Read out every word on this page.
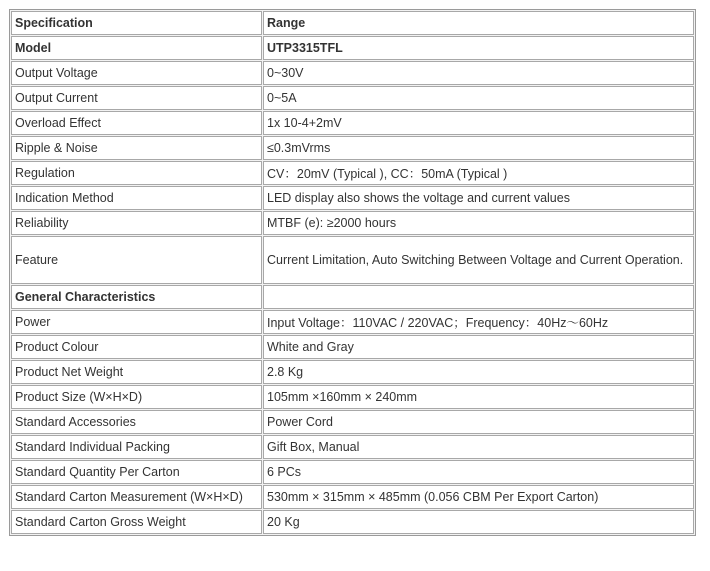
Specification	Range
Model	UTP3315TFL
Output Voltage	0~30V
Output Current	0~5A
Overload Effect	1x 10-4+2mV
Ripple & Noise	≤0.3mVrms
Regulation	CV：20mV (Typical ), CC：50mA (Typical )
Indication Method	LED display also shows the voltage and current values
Reliability	MTBF (e): ≥2000 hours
Feature	Current Limitation, Auto Switching Between Voltage and Current Operation.
General Characteristics	
Power	Input Voltage：110VAC / 220VAC；Frequency：40Hz～60Hz
Product Colour	White and Gray
Product Net Weight	2.8 Kg
Product Size (W×H×D)	105mm ×160mm × 240mm
Standard Accessories	Power Cord
Standard Individual Packing	Gift Box, Manual
Standard Quantity Per Carton	6 PCs
Standard Carton Measurement (W×H×D)	530mm × 315mm × 485mm (0.056 CBM Per Export Carton)
Standard Carton Gross Weight	20 Kg
